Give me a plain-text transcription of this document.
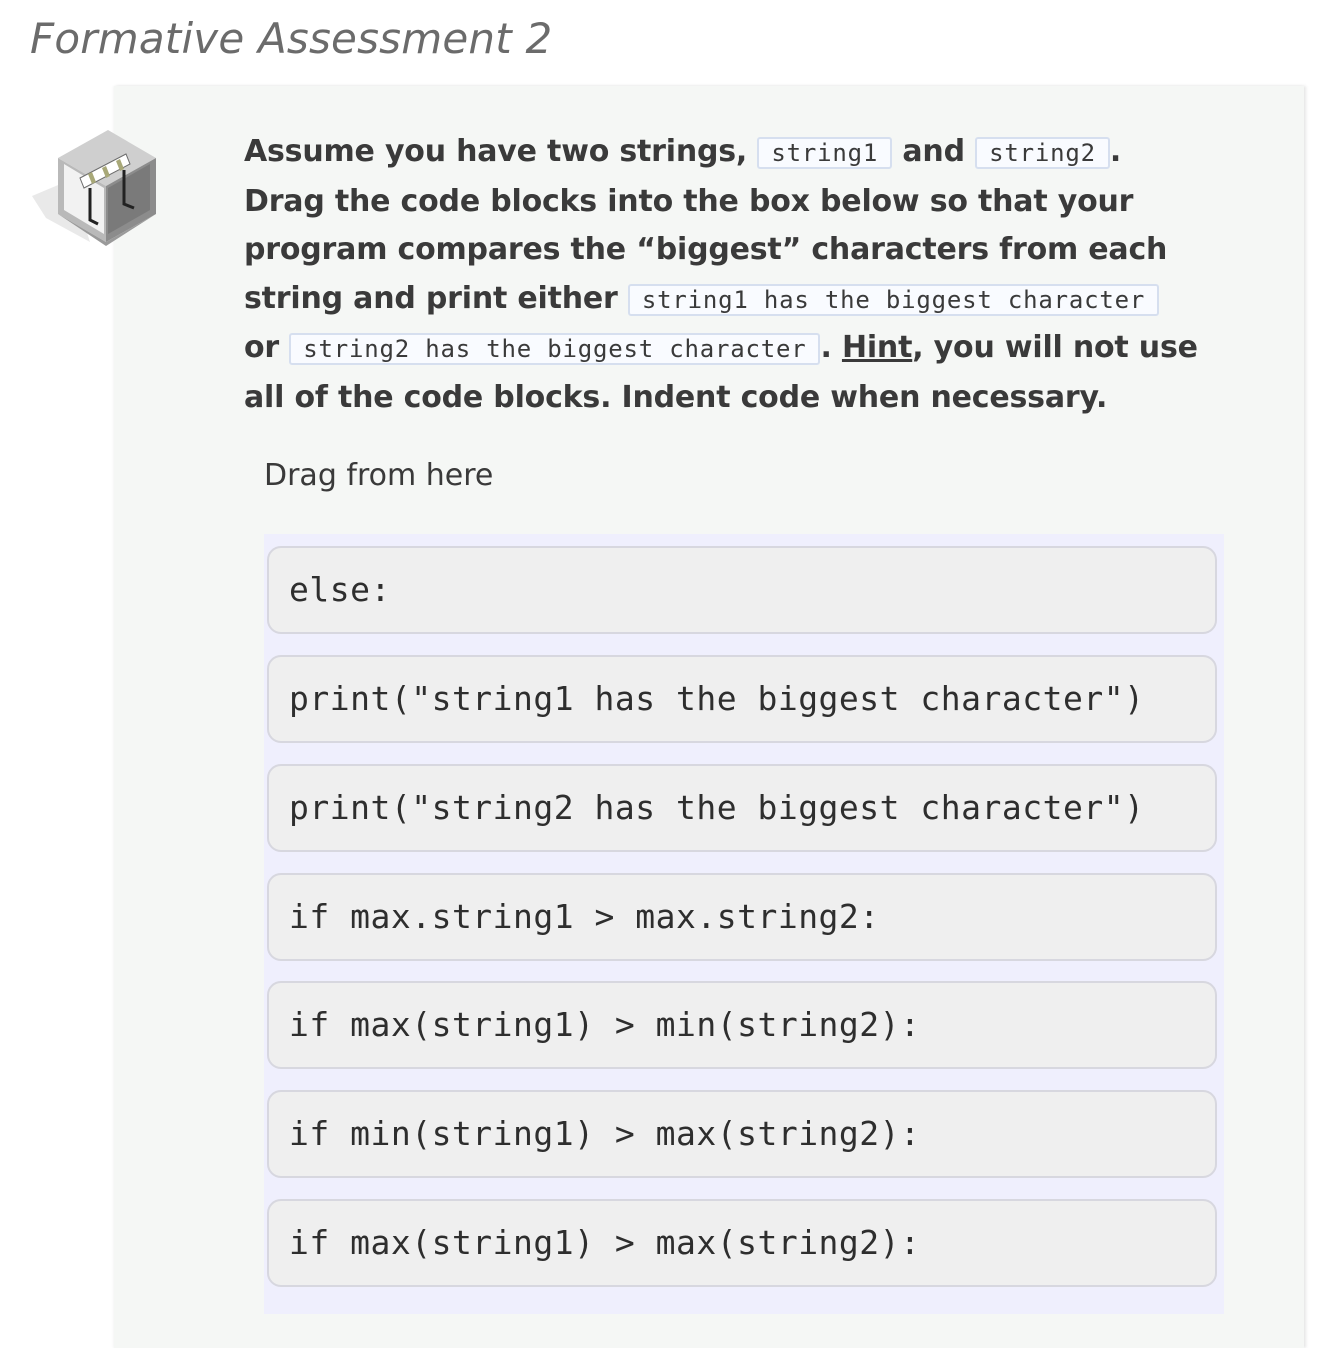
Formative Assessment 2
Assume you have two strings, string1 and string2 . Drag the code blocks into the box below so that your program compares the “biggest” characters from each string and print either string1 has the biggest character or string2 has the biggest character . Hint, you will not use all of the code blocks. Indent code when necessary.
Drag from here
else:
print("string1 has the biggest character")
print("string2 has the biggest character")
if max.string1 > max.string2:
if max(string1) > min(string2):
if min(string1) > max(string2):
if max(string1) > max(string2):
